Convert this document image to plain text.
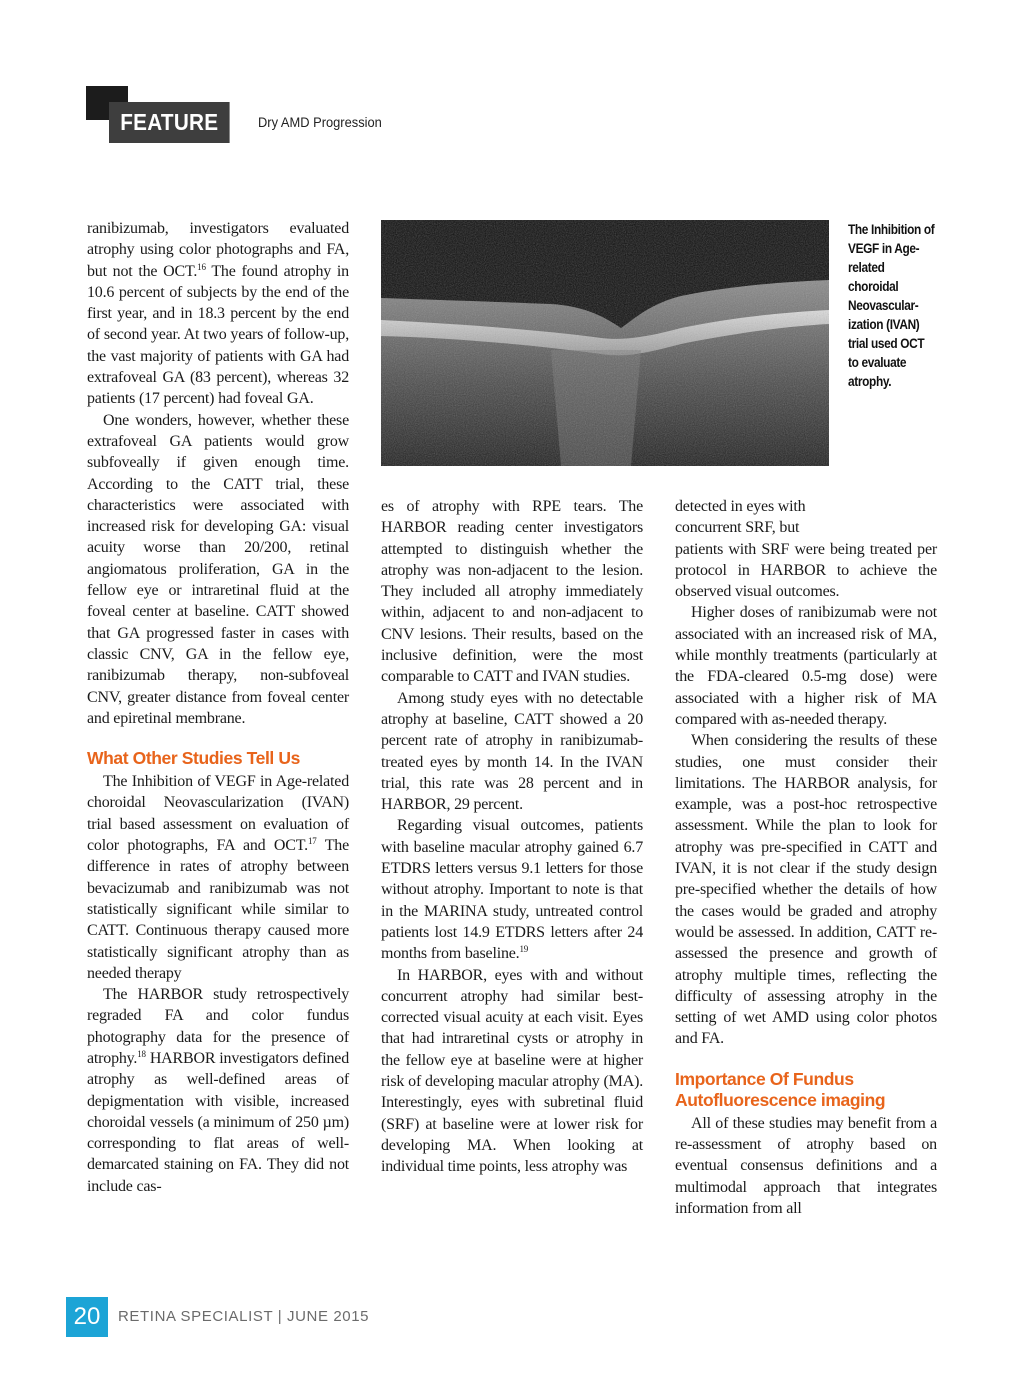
FEATURE	Dry AMD Progression

ranibizumab, investigators evaluated atrophy using color photographs and FA, but not the OCT.$^{16}$ The found atrophy in 10.6 percent of subjects by the end of the first year, and in 18.3 percent by the end of second year. At two years of follow-up, the vast majority of patients with GA had extrafoveal GA (83 percent), whereas 32 patients (17 percent) had foveal GA.

One wonders, however, whether these extrafoveal GA patients would grow subfoveally if given enough time. According to the CATT trial, these characteristics were associated with increased risk for developing GA: visual acuity worse than 20/200, retinal angiomatous proliferation, GA in the fellow eye or intraretinal fluid at the foveal center at baseline. CATT showed that GA progressed faster in cases with classic CNV, GA in the fellow eye, ranibizumab therapy, non-subfoveal CNV, greater distance from foveal center and epiretinal membrane.

What Other Studies Tell Us

The Inhibition of VEGF in Age-related choroidal Neovascularization (IVAN) trial based assessment on evaluation of color photographs, FA and OCT.$^{17}$ The difference in rates of atrophy between bevacizumab and ranibizumab was not statistically significant while similar to CATT. Continuous therapy caused more statistically significant atrophy than as needed therapy

The HARBOR study retrospectively regraded FA and color fundus photography data for the presence of atrophy.$^{18}$ HARBOR investigators defined atrophy as well-defined areas of depigmentation with visible, increased choroidal vessels (a minimum of 250 µm) corresponding to flat areas of well-demarcated staining on FA. They did not include cas-

The Inhibition of VEGF in Age-related choroidal Neovascular-ization (IVAN) trial used OCT to evaluate atrophy.

es of atrophy with RPE tears. The HARBOR reading center investigators attempted to distinguish whether the atrophy was non-adjacent to the lesion. They included all atrophy immediately within, adjacent to and non-adjacent to CNV lesions. Their results, based on the inclusive definition, were the most comparable to CATT and IVAN studies.

Among study eyes with no detectable atrophy at baseline, CATT showed a 20 percent rate of atrophy in ranibizumab-treated eyes by month 14. In the IVAN trial, this rate was 28 percent and in HARBOR, 29 percent.

Regarding visual outcomes, patients with baseline macular atrophy gained 6.7 ETDRS letters versus 9.1 letters for those without atrophy. Important to note is that in the MARINA study, untreated control patients lost 14.9 ETDRS letters after 24 months from baseline.$^{19}$

In HARBOR, eyes with and without concurrent atrophy had similar best-corrected visual acuity at each visit. Eyes that had intraretinal cysts or atrophy in the fellow eye at baseline were at higher risk of developing macular atrophy (MA). Interestingly, eyes with subretinal fluid (SRF) at baseline were at lower risk for developing MA. When looking at individual time points, less atrophy was

detected in eyes with
concurrent SRF, but

patients with SRF were being treated per protocol in HARBOR to achieve the observed visual outcomes.

Higher doses of ranibizumab were not associated with an increased risk of MA, while monthly treatments (particularly at the FDA-cleared 0.5-mg dose) were associated with a higher risk of MA compared with as-needed therapy.

When considering the results of these studies, one must consider their limitations. The HARBOR analysis, for example, was a post-hoc retrospective assessment. While the plan to look for atrophy was pre-specified in CATT and IVAN, it is not clear if the study design pre-specified whether the details of how the cases would be graded and atrophy would be assessed. In addition, CATT re-assessed the presence and growth of atrophy multiple times, reflecting the difficulty of assessing atrophy in the setting of wet AMD using color photos and FA.

Importance Of Fundus
Autofluorescence imaging

All of these studies may benefit from a re-assessment of atrophy based on eventual consensus definitions and a multimodal approach that integrates information from all

20	RETINA SPECIALIST | JUNE 2015
